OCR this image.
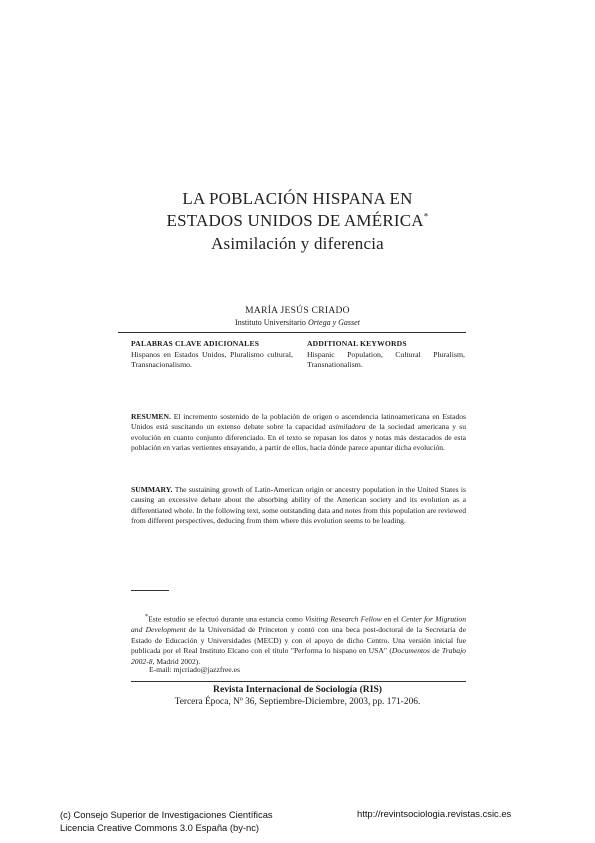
LA POBLACIÓN HISPANA EN
ESTADOS UNIDOS DE AMÉRICA*
Asimilación y diferencia
MARÍA JESÚS CRIADO
Instituto Universitario Ortega y Gasset
PALABRAS CLAVE ADICIONALES
Hispanos en Estados Unidos, Pluralismo cultural, Transnacionalismo.
ADDITIONAL KEYWORDS
Hispanic Population, Cultural Pluralism, Transnationalism.
RESUMEN. El incremento sostenido de la población de origen o ascendencia latinoamericana en Estados Unidos está suscitando un extenso debate sobre la capacidad asimiladora de la sociedad americana y su evolución en cuanto conjunto diferenciado. En el texto se repasan los datos y notas más destacados de esta población en varias vertientes ensayando, a partir de ellos, hacia dónde parece apuntar dicha evolución.
SUMMARY. The sustaining growth of Latin-American origin or ancestry population in the United States is causing an excessive debate about the absorbing ability of the American society and its evolution as a differentiated whole. In the following text, some outstanding data and notes from this population are reviewed from different perspectives, deducing from them where this evolution seems to be leading.
*Este estudio se efectuó durante una estancia como Visiting Research Fellow en el Center for Migration and Development de la Universidad de Princeton y contó con una beca post-doctoral de la Secretaría de Estado de Educación y Universidades (MECD) y con el apoyo de dicho Centro. Una versión inicial fue publicada por el Real Instituto Elcano con el título "Performa lo hispano en USA" (Documentos de Trabajo 2002-8, Madrid 2002).
E-mail: mjcriado@jazzfree.es
Revista Internacional de Sociología (RIS)
Tercera Época, Nº 36, Septiembre-Diciembre, 2003, pp. 171-206.
(c) Consejo Superior de Investigaciones Científicas
Licencia Creative Commons 3.0 España (by-nc)
http://revintsociologia.revistas.csic.es
